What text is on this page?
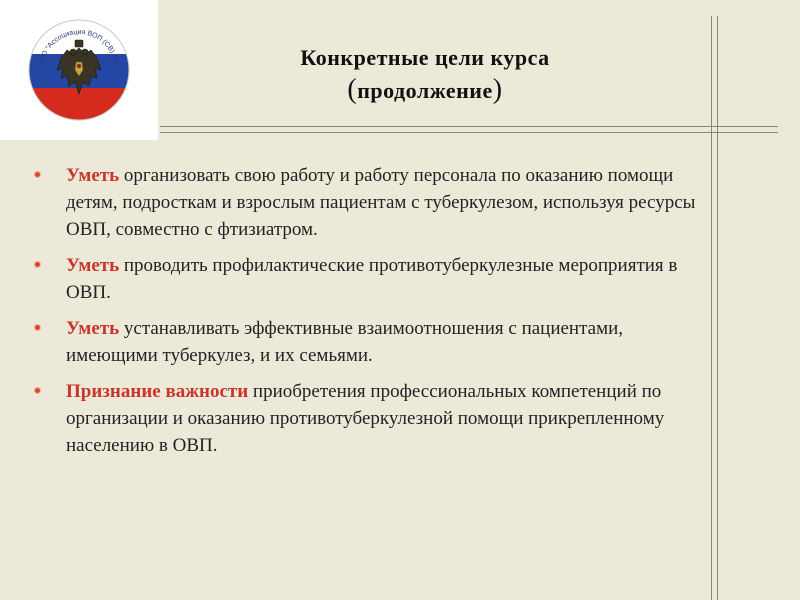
ООО "Ассоциация ВОП (СВ) РФ"	Конкретные цели курса
(продолжение)
Уметь организовать свою работу и работу персонала по оказанию помощи детям, подросткам и взрослым пациентам с туберкулезом, используя ресурсы ОВП, совместно с фтизиатром.
Уметь проводить профилактические противотуберкулезные мероприятия в ОВП.
Уметь устанавливать эффективные взаимоотношения с пациентами, имеющими туберкулез, и их семьями.
Признание важности приобретения профессиональных компетенций по организации и оказанию противотуберкулезной помощи прикрепленному населению в ОВП.
